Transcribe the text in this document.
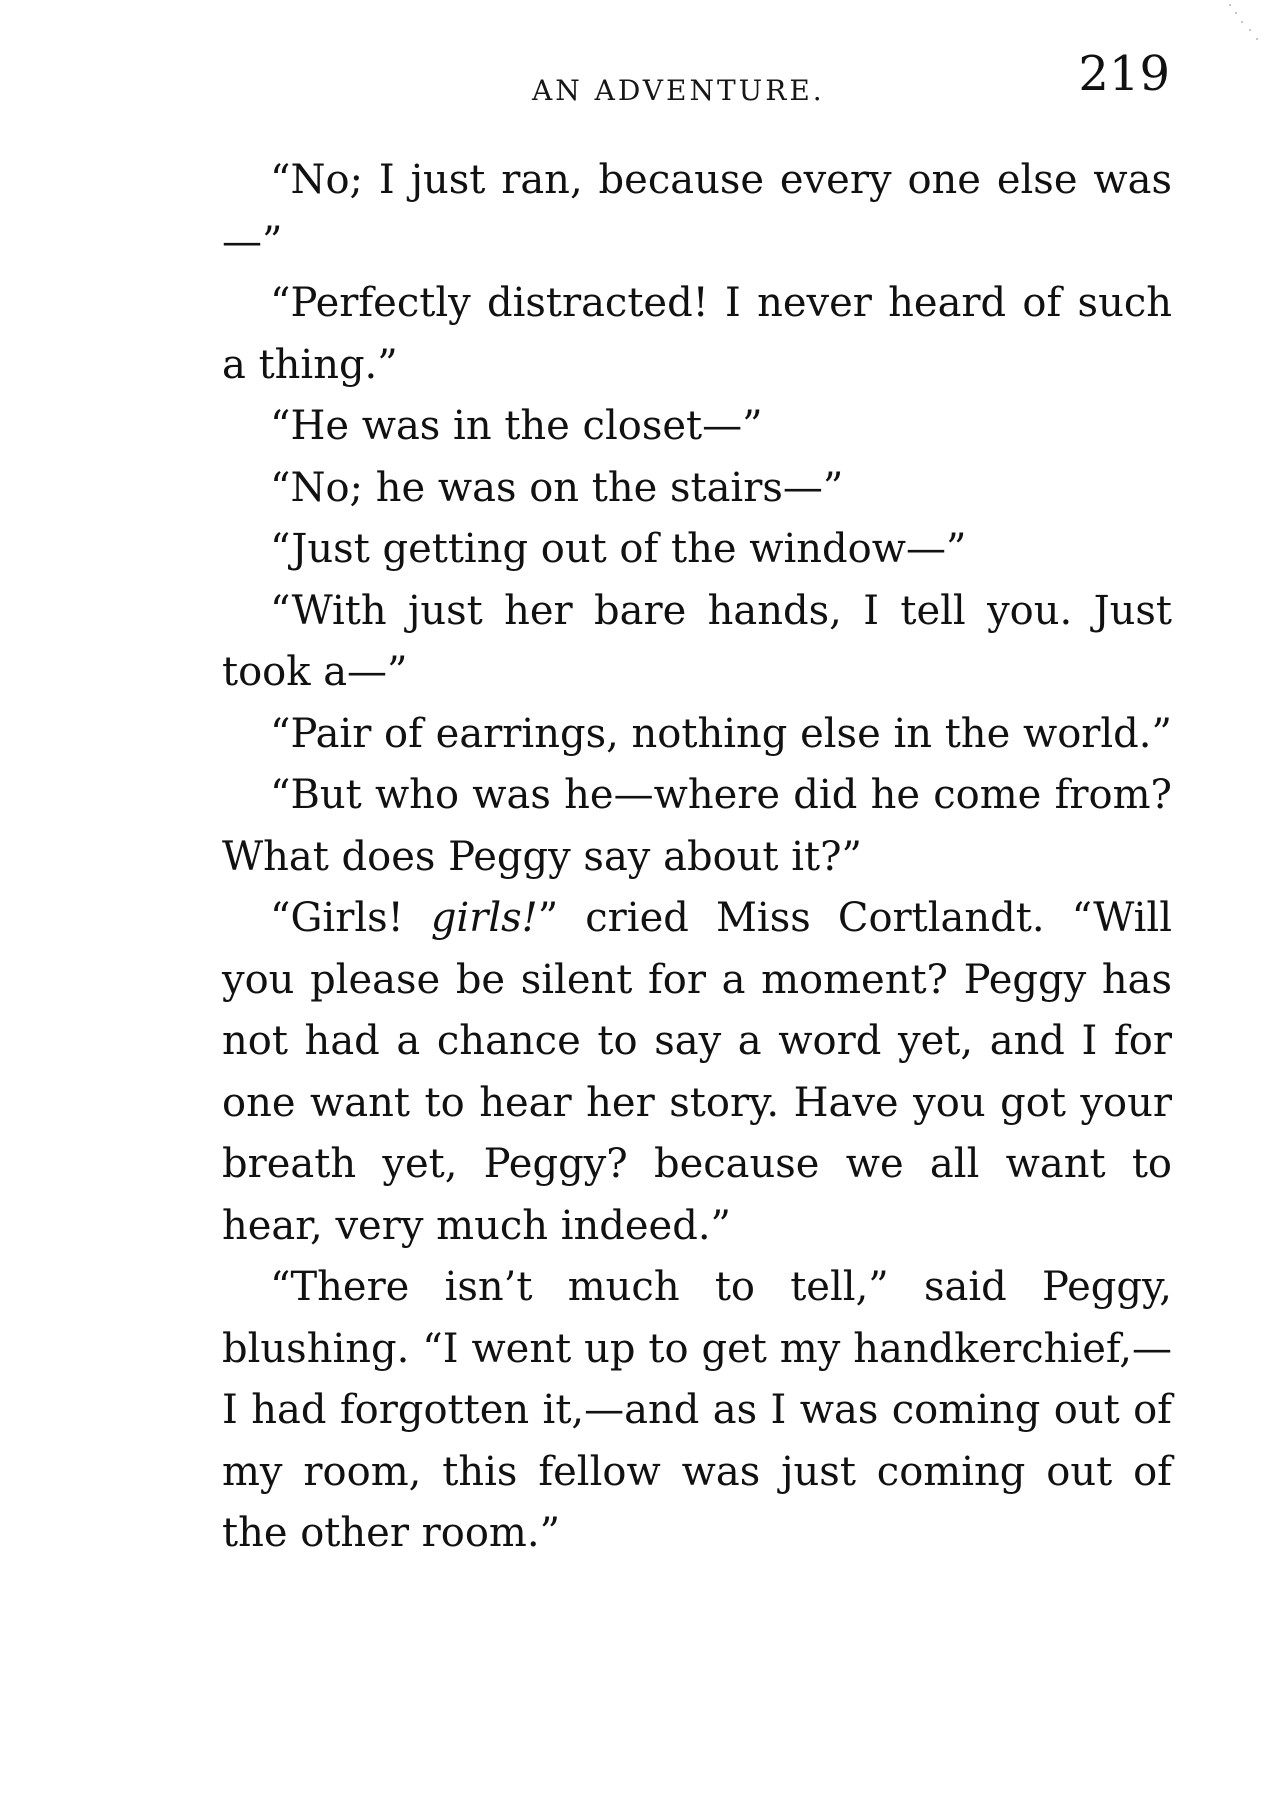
AN ADVENTURE.	219

“No; I just ran, because every one else was—”

“Perfectly distracted! I never heard of such a thing.”

“He was in the closet—”

“No; he was on the stairs—”

“Just getting out of the window—”

“With just her bare hands, I tell you. Just took a—”

“Pair of earrings, nothing else in the world.”

“But who was he—where did he come from? What does Peggy say about it?”

“Girls! girls!” cried Miss Cortlandt. “Will you please be silent for a moment? Peggy has not had a chance to say a word yet, and I for one want to hear her story. Have you got your breath yet, Peggy? because we all want to hear, very much indeed.”

“There isn’t much to tell,” said Peggy, blushing. “I went up to get my handkerchief,—I had forgotten it,—and as I was coming out of my room, this fellow was just coming out of the other room.”
